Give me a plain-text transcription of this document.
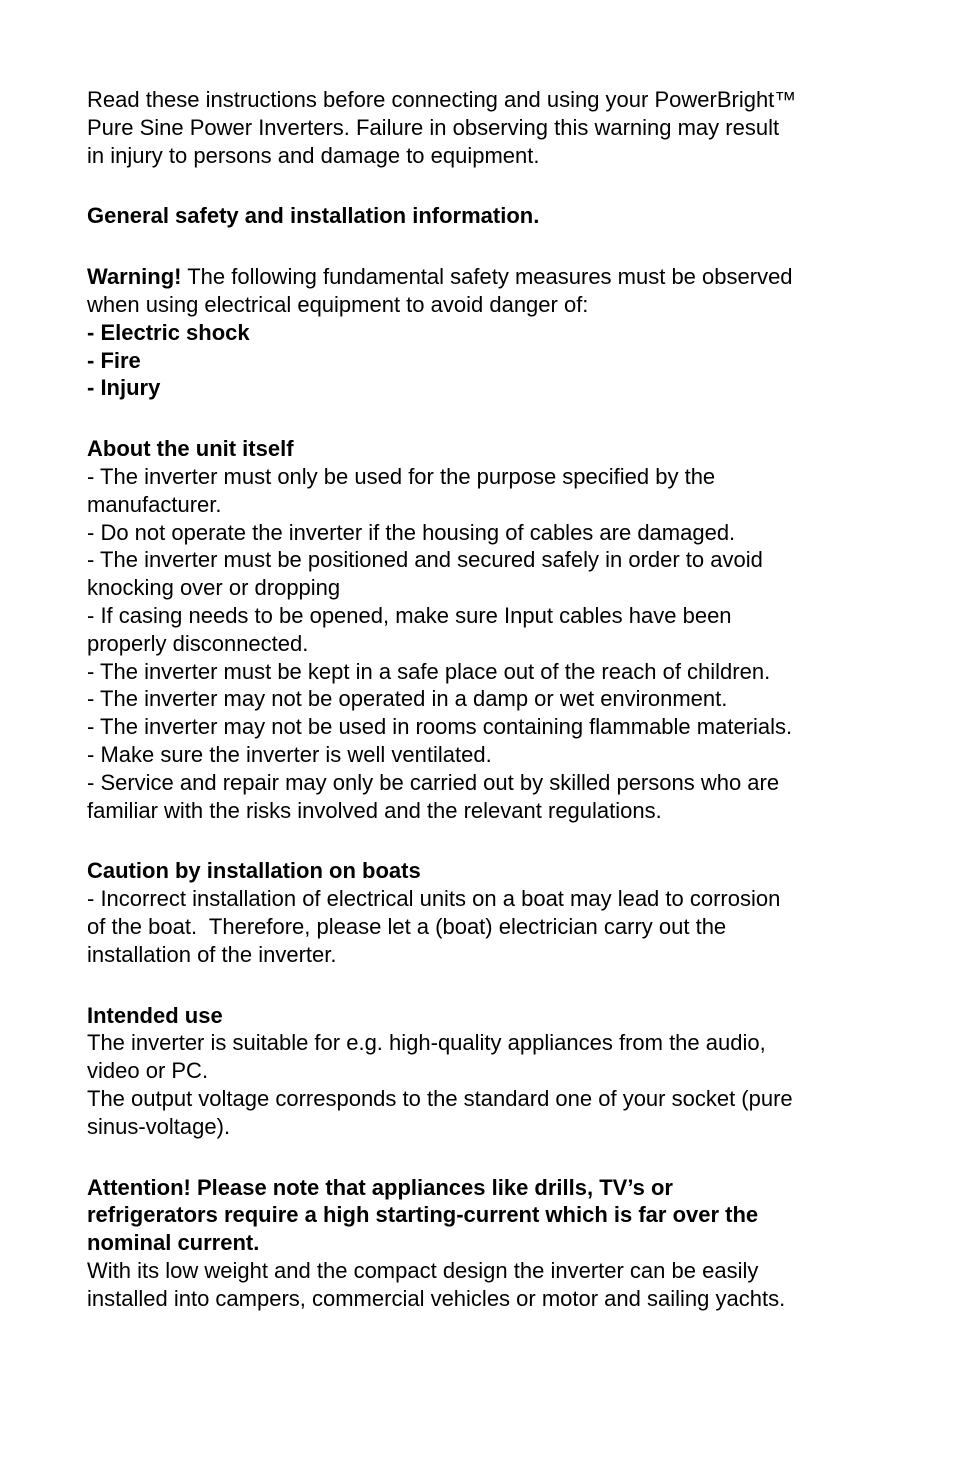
Read these instructions before connecting and using your PowerBright™

Pure Sine Power Inverters. Failure in observing this warning may result

in injury to persons and damage to equipment.

General safety and installation information.

Warning! The following fundamental safety measures must be observed

when using electrical equipment to avoid danger of:

- Electric shock

- Fire

- Injury

About the unit itself

- The inverter must only be used for the purpose specified by the

manufacturer.

- Do not operate the inverter if the housing of cables are damaged.

- The inverter must be positioned and secured safely in order to avoid

knocking over or dropping

- If casing needs to be opened, make sure Input cables have been

properly disconnected.

- The inverter must be kept in a safe place out of the reach of children.

- The inverter may not be operated in a damp or wet environment.

- The inverter may not be used in rooms containing flammable materials.

- Make sure the inverter is well ventilated.

- Service and repair may only be carried out by skilled persons who are

familiar with the risks involved and the relevant regulations.

Caution by installation on boats

- Incorrect installation of electrical units on a boat may lead to corrosion

of the boat.  Therefore, please let a (boat) electrician carry out the

installation of the inverter.

Intended use

The inverter is suitable for e.g. high-quality appliances from the audio,

video or PC.

The output voltage corresponds to the standard one of your socket (pure

sinus-voltage).

Attention! Please note that appliances like drills, TV’s or

refrigerators require a high starting-current which is far over the

nominal current.

With its low weight and the compact design the inverter can be easily

installed into campers, commercial vehicles or motor and sailing yachts.
